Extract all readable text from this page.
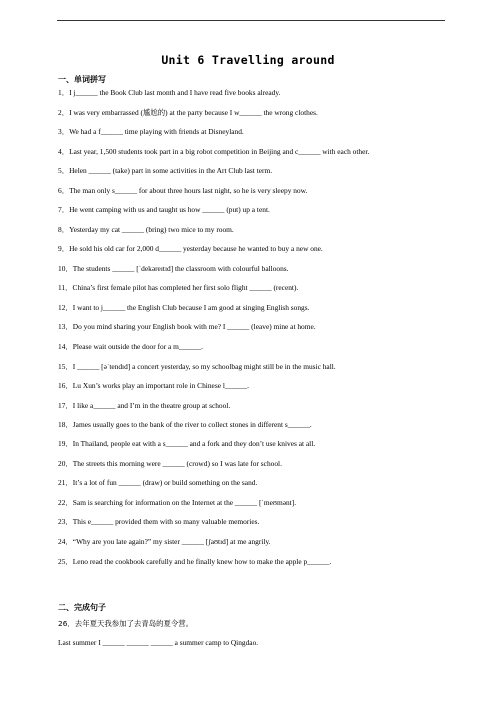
Unit 6 Travelling around
一、单词拼写
1．I j______ the Book Club last month and I have read five books already.
2．I was very embarrassed (尴尬的) at the party because I w______ the wrong clothes.
3．We had a f______ time playing with friends at Disneyland.
4．Last year, 1,500 students took part in a big robot competition in Beijing and c______ with each other.
5．Helen ______ (take) part in some activities in the Art Club last term.
6．The man only s______ for about three hours last night, so he is very sleepy now.
7．He went camping with us and taught us how ______ (put) up a tent.
8．Yesterday my cat ______ (bring) two mice to my room.
9．He sold his old car for 2,000 d______ yesterday because he wanted to buy a new one.
10．The students ______ [ˈdekəreɪtɪd] the classroom with colourful balloons.
11．China’s first female pilot has completed her first solo flight ______ (recent).
12．I want to j______ the English Club because I am good at singing English songs.
13．Do you mind sharing your English book with me? I ______ (leave) mine at home.
14．Please wait outside the door for a m______.
15．I ______ [əˈtendɪd] a concert yesterday, so my schoolbag might still be in the music hall.
16．Lu Xun’s works play an important role in Chinese l______.
17．I like a______ and I’m in the theatre group at school.
18．James usually goes to the bank of the river to collect stones in different s______.
19．In Thailand, people eat with a s______ and a fork and they don’t use knives at all.
20．The streets this morning were ______ (crowd) so I was late for school.
21．It’s a lot of fun ______ (draw) or build something on the sand.
22．Sam is searching for information on the Internet at the ______ [ˈmeʊmənt].
23．This e______ provided them with so many valuable memories.
24．“Why are you late again?” my sister ______ [ʃaʊtɪd] at me angrily.
25．Leno read the cookbook carefully and he finally knew how to make the apple p______.
二、完成句子
26．去年夏天我参加了去青岛的夏令营。
Last summer I ______ ______ ______ a summer camp to Qingdao.
